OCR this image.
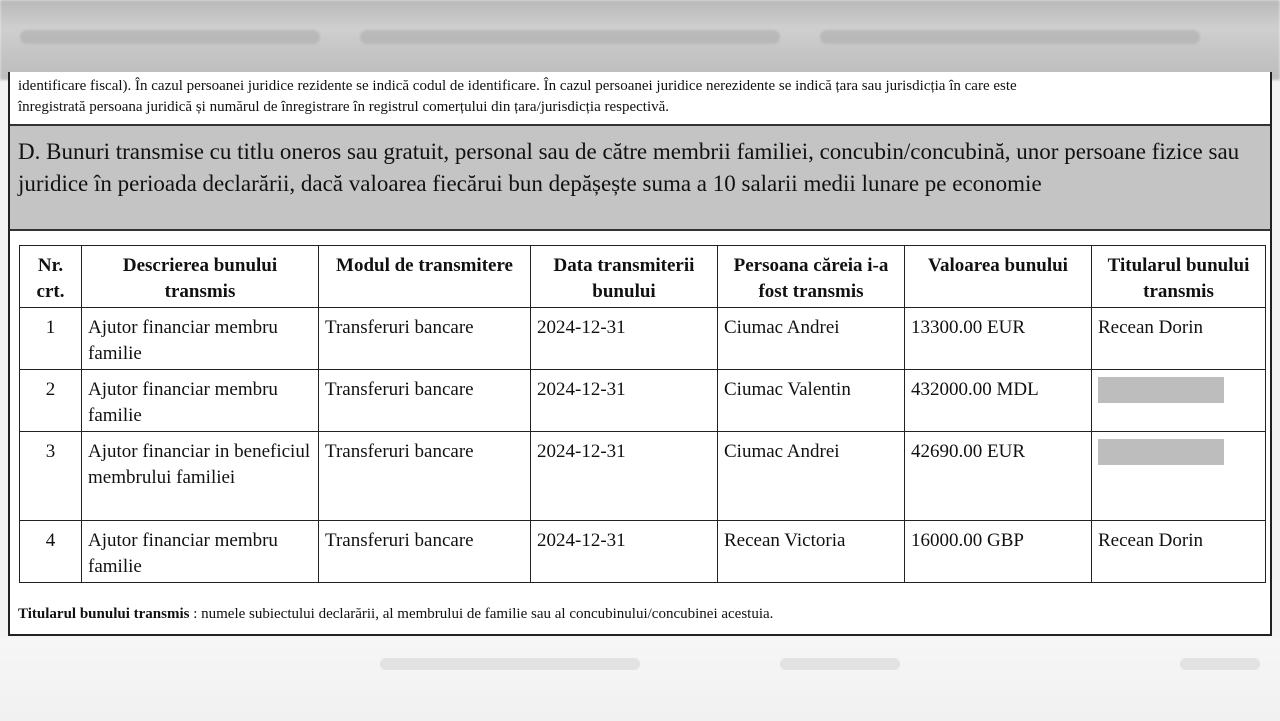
identificare fiscal). În cazul persoanei juridice rezidente se indică codul de identificare. În cazul persoanei juridice nerezidente se indică țara sau jurisdicția în care este
înregistrată persoana juridică și numărul de înregistrare în registrul comerțului din țara/jurisdicția respectivă.
D. Bunuri transmise cu titlu oneros sau gratuit, personal sau de către membrii familiei, concubin/concubină, unor persoane fizice sau juridice în perioada declarării, dacă valoarea fiecărui bun depășește suma a 10 salarii medii lunare pe economie
Nr. crt.	Descrierea bunului transmis	Modul de transmitere	Data transmiterii bunului	Persoana căreia i-a fost transmis	Valoarea bunului	Titularul bunului transmis
1	Ajutor financiar membru familie	Transferuri bancare	2024-12-31	Ciumac Andrei	13300.00 EUR	Recean Dorin
2	Ajutor financiar membru familie	Transferuri bancare	2024-12-31	Ciumac Valentin	432000.00 MDL	

3	Ajutor financiar in beneficiul membrului familiei	Transferuri bancare	2024-12-31	Ciumac Andrei	42690.00 EUR	

4	Ajutor financiar membru familie	Transferuri bancare	2024-12-31	Recean Victoria	16000.00 GBP	Recean Dorin
Titularul bunului transmis : numele subiectului declarării, al membrului de familie sau al concubinului/concubinei acestuia.
